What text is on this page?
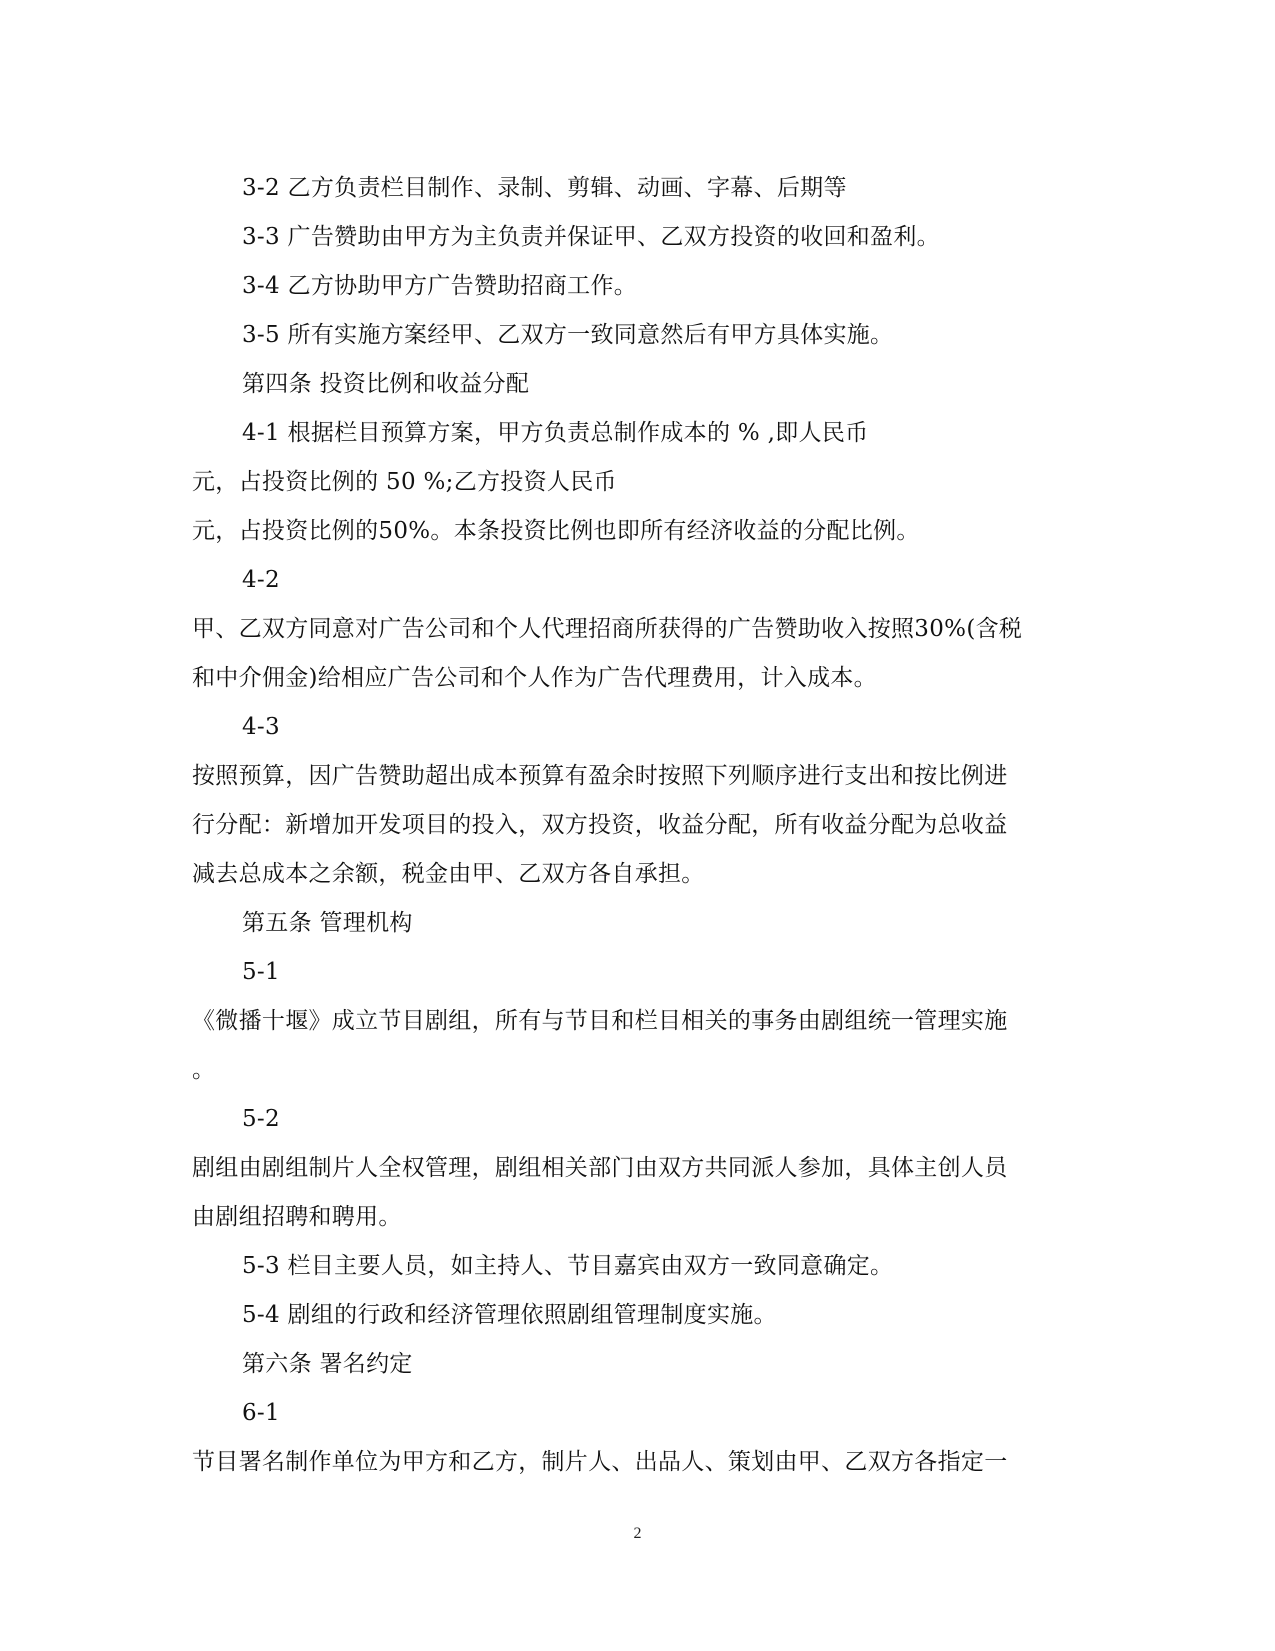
3-2 乙方负责栏目制作、录制、剪辑、动画、字幕、后期等
3-3 广告赞助由甲方为主负责并保证甲、乙双方投资的收回和盈利。
3-4 乙方协助甲方广告赞助招商工作。
3-5 所有实施方案经甲、乙双方一致同意然后有甲方具体实施。
第四条 投资比例和收益分配
4-1 根据栏目预算方案，甲方负责总制作成本的 % ,即人民币
元，占投资比例的 50 %;乙方投资人民币
元，占投资比例的50%。本条投资比例也即所有经济收益的分配比例。
4-2
甲、乙双方同意对广告公司和个人代理招商所获得的广告赞助收入按照30%(含税
和中介佣金)给相应广告公司和个人作为广告代理费用，计入成本。
4-3
按照预算，因广告赞助超出成本预算有盈余时按照下列顺序进行支出和按比例进
行分配：新增加开发项目的投入，双方投资，收益分配，所有收益分配为总收益
减去总成本之余额，税金由甲、乙双方各自承担。
第五条 管理机构
5-1
《微播十堰》成立节目剧组，所有与节目和栏目相关的事务由剧组统一管理实施
。
5-2
剧组由剧组制片人全权管理，剧组相关部门由双方共同派人参加，具体主创人员
由剧组招聘和聘用。
5-3 栏目主要人员，如主持人、节目嘉宾由双方一致同意确定。
5-4 剧组的行政和经济管理依照剧组管理制度实施。
第六条 署名约定
6-1
节目署名制作单位为甲方和乙方，制片人、出品人、策划由甲、乙双方各指定一
2
